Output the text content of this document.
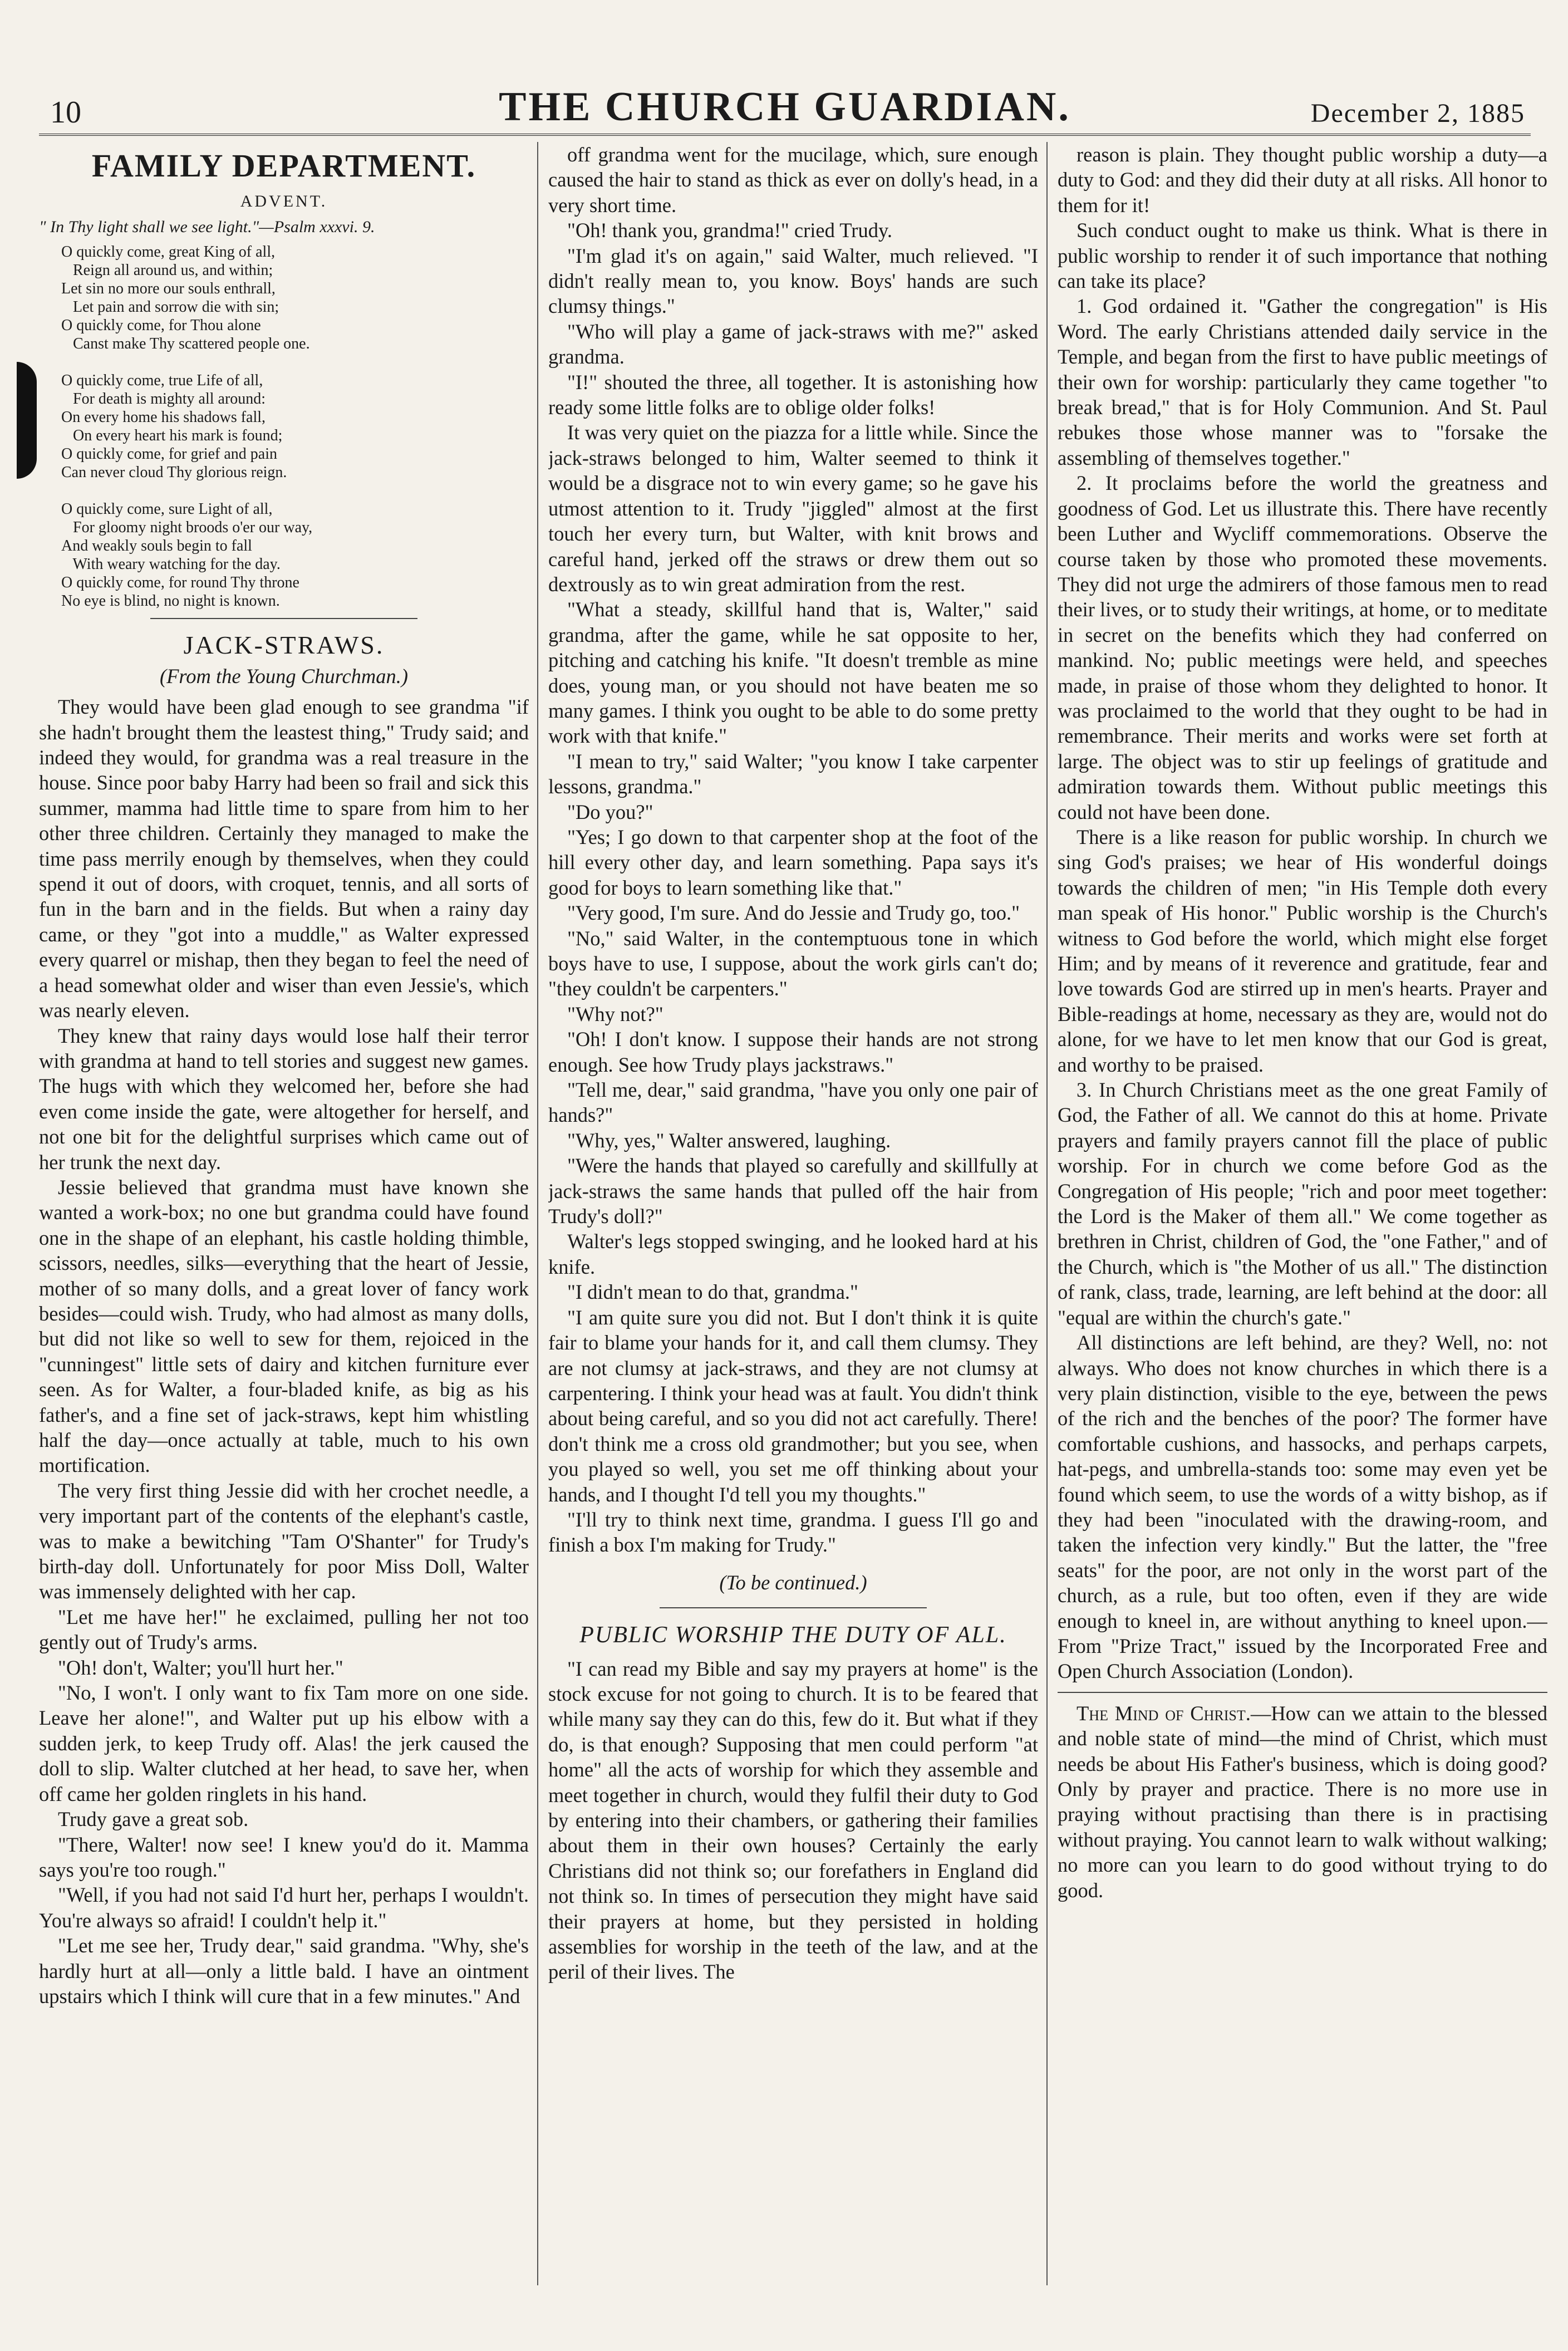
10	THE CHURCH GUARDIAN.	December 2, 1885
FAMILY DEPARTMENT.
ADVENT.
" In Thy light shall we see light."—Psalm xxxvi. 9.
O quickly come, great King of all,
Reign all around us, and within;
Let sin no more our souls enthrall,
Let pain and sorrow die with sin;
O quickly come, for Thou alone
Canst make Thy scattered people one.

O quickly come, true Life of all,
For death is mighty all around:
On every home his shadows fall,
On every heart his mark is found;
O quickly come, for grief and pain
Can never cloud Thy glorious reign.

O quickly come, sure Light of all,
For gloomy night broods o'er our way,
And weakly souls begin to fall
With weary watching for the day.
O quickly come, for round Thy throne
No eye is blind, no night is known.
JACK-STRAWS.
(From the Young Churchman.)

They would have been glad enough to see grandma "if she hadn't brought them the leastest thing," Trudy said; and indeed they would, for grandma was a real treasure in the house. Since poor baby Harry had been so frail and sick this summer, mamma had little time to spare from him to her other three children. Certainly they managed to make the time pass merrily enough by themselves, when they could spend it out of doors, with croquet, tennis, and all sorts of fun in the barn and in the fields. But when a rainy day came, or they "got into a muddle," as Walter expressed every quarrel or mishap, then they began to feel the need of a head somewhat older and wiser than even Jessie's, which was nearly eleven.

They knew that rainy days would lose half their terror with grandma at hand to tell stories and suggest new games. The hugs with which they welcomed her, before she had even come inside the gate, were altogether for herself, and not one bit for the delightful surprises which came out of her trunk the next day.

Jessie believed that grandma must have known she wanted a work-box; no one but grandma could have found one in the shape of an elephant, his castle holding thimble, scissors, needles, silks—everything that the heart of Jessie, mother of so many dolls, and a great lover of fancy work besides—could wish. Trudy, who had almost as many dolls, but did not like so well to sew for them, rejoiced in the "cunningest" little sets of dairy and kitchen furniture ever seen. As for Walter, a four-bladed knife, as big as his father's, and a fine set of jack-straws, kept him whistling half the day—once actually at table, much to his own mortification.

The very first thing Jessie did with her crochet needle, a very important part of the contents of the elephant's castle, was to make a bewitching "Tam O'Shanter" for Trudy's birth-day doll. Unfortunately for poor Miss Doll, Walter was immensely delighted with her cap.

"Let me have her!" he exclaimed, pulling her not too gently out of Trudy's arms.

"Oh! don't, Walter; you'll hurt her."

"No, I won't. I only want to fix Tam more on one side. Leave her alone!", and Walter put up his elbow with a sudden jerk, to keep Trudy off. Alas! the jerk caused the doll to slip. Walter clutched at her head, to save her, when off came her golden ringlets in his hand.

Trudy gave a great sob.

"There, Walter! now see! I knew you'd do it. Mamma says you're too rough."

"Well, if you had not said I'd hurt her, perhaps I wouldn't. You're always so afraid! I couldn't help it."

"Let me see her, Trudy dear," said grandma. "Why, she's hardly hurt at all—only a little bald. I have an ointment upstairs which I think will cure that in a few minutes." And

off grandma went for the mucilage, which, sure enough caused the hair to stand as thick as ever on dolly's head, in a very short time.

"Oh! thank you, grandma!" cried Trudy.

"I'm glad it's on again," said Walter, much relieved. "I didn't really mean to, you know. Boys' hands are such clumsy things."

"Who will play a game of jack-straws with me?" asked grandma.

"I!" shouted the three, all together. It is astonishing how ready some little folks are to oblige older folks!

It was very quiet on the piazza for a little while. Since the jack-straws belonged to him, Walter seemed to think it would be a disgrace not to win every game; so he gave his utmost attention to it. Trudy "jiggled" almost at the first touch her every turn, but Walter, with knit brows and careful hand, jerked off the straws or drew them out so dextrously as to win great admiration from the rest.

"What a steady, skillful hand that is, Walter," said grandma, after the game, while he sat opposite to her, pitching and catching his knife. "It doesn't tremble as mine does, young man, or you should not have beaten me so many games. I think you ought to be able to do some pretty work with that knife."

"I mean to try," said Walter; "you know I take carpenter lessons, grandma."

"Do you?"

"Yes; I go down to that carpenter shop at the foot of the hill every other day, and learn something. Papa says it's good for boys to learn something like that."

"Very good, I'm sure. And do Jessie and Trudy go, too."

"No," said Walter, in the contemptuous tone in which boys have to use, I suppose, about the work girls can't do; "they couldn't be carpenters."

"Why not?"

"Oh! I don't know. I suppose their hands are not strong enough. See how Trudy plays jackstraws."

"Tell me, dear," said grandma, "have you only one pair of hands?"

"Why, yes," Walter answered, laughing.

"Were the hands that played so carefully and skillfully at jack-straws the same hands that pulled off the hair from Trudy's doll?"

Walter's legs stopped swinging, and he looked hard at his knife.

"I didn't mean to do that, grandma."

"I am quite sure you did not. But I don't think it is quite fair to blame your hands for it, and call them clumsy. They are not clumsy at jack-straws, and they are not clumsy at carpentering. I think your head was at fault. You didn't think about being careful, and so you did not act carefully. There! don't think me a cross old grandmother; but you see, when you played so well, you set me off thinking about your hands, and I thought I'd tell you my thoughts."

"I'll try to think next time, grandma. I guess I'll go and finish a box I'm making for Trudy."

(To be continued.)
PUBLIC WORSHIP THE DUTY OF ALL.

"I can read my Bible and say my prayers at home" is the stock excuse for not going to church. It is to be feared that while many say they can do this, few do it. But what if they do, is that enough? Supposing that men could perform "at home" all the acts of worship for which they assemble and meet together in church, would they fulfil their duty to God by entering into their chambers, or gathering their families about them in their own houses? Certainly the early Christians did not think so; our forefathers in England did not think so. In times of persecution they might have said their prayers at home, but they persisted in holding assemblies for worship in the teeth of the law, and at the peril of their lives. The

reason is plain. They thought public worship a duty—a duty to God: and they did their duty at all risks. All honor to them for it!

Such conduct ought to make us think. What is there in public worship to render it of such importance that nothing can take its place?

1. God ordained it. "Gather the congregation" is His Word. The early Christians attended daily service in the Temple, and began from the first to have public meetings of their own for worship: particularly they came together "to break bread," that is for Holy Communion. And St. Paul rebukes those whose manner was to "forsake the assembling of themselves together."

2. It proclaims before the world the greatness and goodness of God. Let us illustrate this. There have recently been Luther and Wycliff commemorations. Observe the course taken by those who promoted these movements. They did not urge the admirers of those famous men to read their lives, or to study their writings, at home, or to meditate in secret on the benefits which they had conferred on mankind. No; public meetings were held, and speeches made, in praise of those whom they delighted to honor. It was proclaimed to the world that they ought to be had in remembrance. Their merits and works were set forth at large. The object was to stir up feelings of gratitude and admiration towards them. Without public meetings this could not have been done.

There is a like reason for public worship. In church we sing God's praises; we hear of His wonderful doings towards the children of men; "in His Temple doth every man speak of His honor." Public worship is the Church's witness to God before the world, which might else forget Him; and by means of it reverence and gratitude, fear and love towards God are stirred up in men's hearts. Prayer and Bible-readings at home, necessary as they are, would not do alone, for we have to let men know that our God is great, and worthy to be praised.

3. In Church Christians meet as the one great Family of God, the Father of all. We cannot do this at home. Private prayers and family prayers cannot fill the place of public worship. For in church we come before God as the Congregation of His people; "rich and poor meet together: the Lord is the Maker of them all." We come together as brethren in Christ, children of God, the "one Father," and of the Church, which is "the Mother of us all." The distinction of rank, class, trade, learning, are left behind at the door: all "equal are within the church's gate."

All distinctions are left behind, are they? Well, no: not always. Who does not know churches in which there is a very plain distinction, visible to the eye, between the pews of the rich and the benches of the poor? The former have comfortable cushions, and hassocks, and perhaps carpets, hat-pegs, and umbrella-stands too: some may even yet be found which seem, to use the words of a witty bishop, as if they had been "inoculated with the drawing-room, and taken the infection very kindly." But the latter, the "free seats" for the poor, are not only in the worst part of the church, as a rule, but too often, even if they are wide enough to kneel in, are without anything to kneel upon.—From "Prize Tract," issued by the Incorporated Free and Open Church Association (London).

The Mind of Christ.—How can we attain to the blessed and noble state of mind—the mind of Christ, which must needs be about His Father's business, which is doing good? Only by prayer and practice. There is no more use in praying without practising than there is in practising without praying. You cannot learn to walk without walking; no more can you learn to do good without trying to do good.
